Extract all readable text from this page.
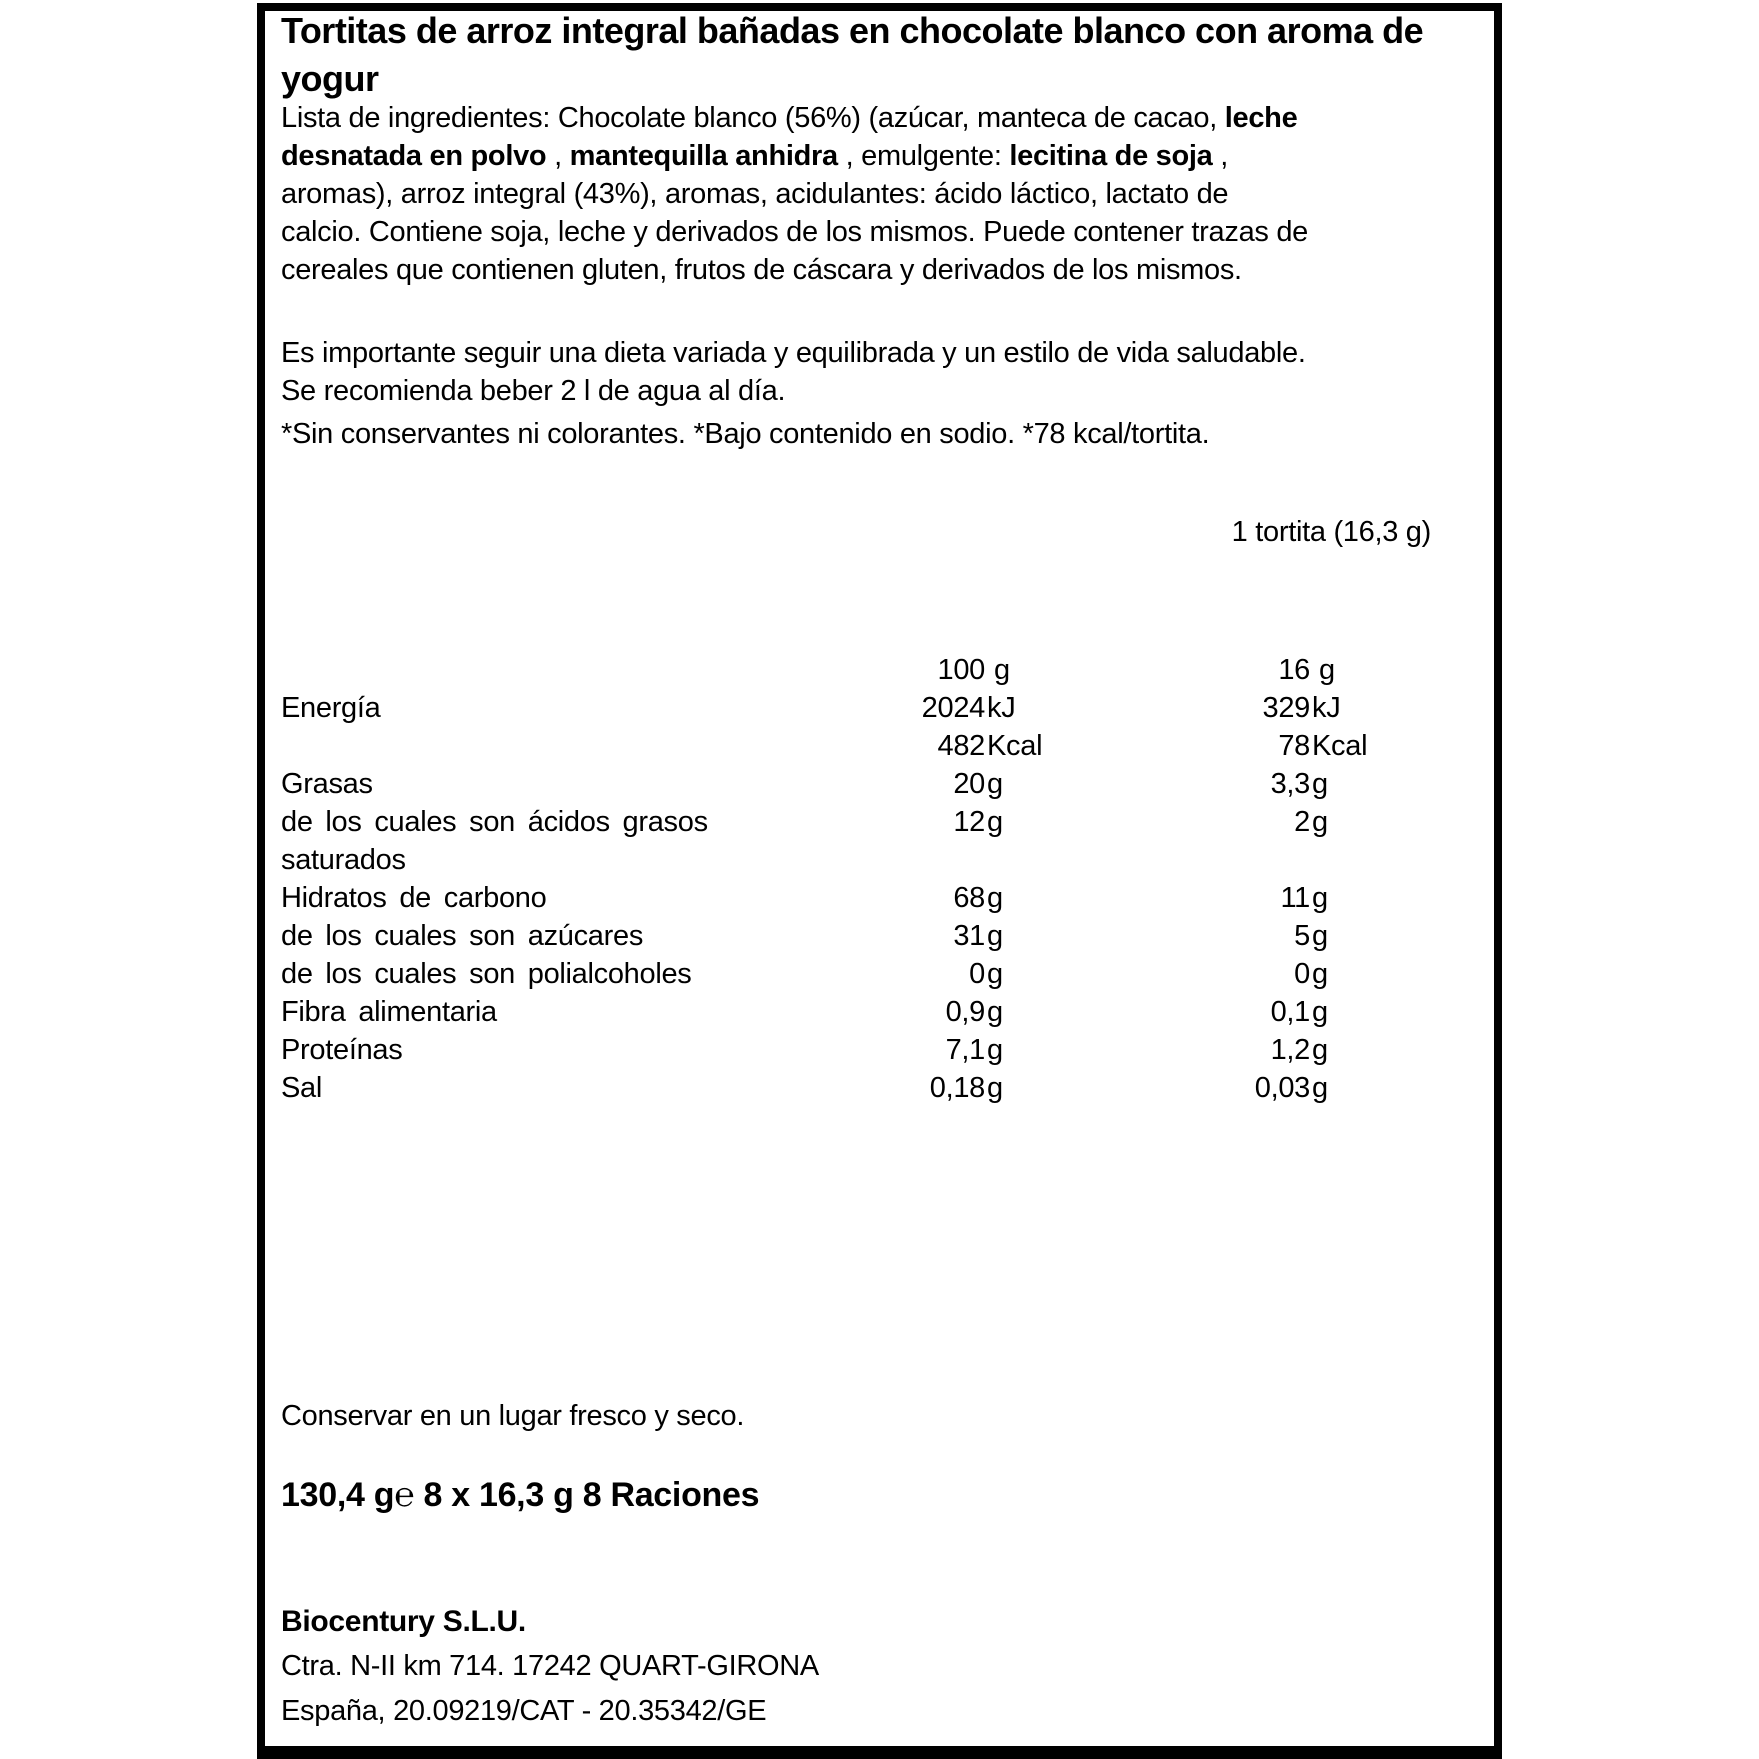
Tortitas de arroz integral bañadas en chocolate blanco con aroma de yogur
Lista de ingredientes: Chocolate blanco (56%) (azúcar, manteca de cacao, leche
desnatada en polvo , mantequilla anhidra , emulgente: lecitina de soja ,
aromas), arroz integral (43%), aromas, acidulantes: ácido láctico, lactato de
calcio. Contiene soja, leche y derivados de los mismos. Puede contener trazas de
cereales que contienen gluten, frutos de cáscara y derivados de los mismos.
Es importante seguir una dieta variada y equilibrada y un estilo de vida saludable.
Se recomienda beber 2 l de agua al día.

*Sin conservantes ni colorantes. *Bajo contenido en sodio. *78 kcal/tortita.

1 tortita (16,3 g)
100 g	16 g
Energía	2024 kJ	329 kJ
482 Kcal	78 Kcal
Grasas	20 g	3,3 g
de los cuales son ácidos grasos	12 g	2 g
saturados
Hidratos de carbono	68 g	11 g
de los cuales son azúcares	31 g	5 g
de los cuales son polialcoholes	0 g	0 g
Fibra alimentaria	0,9 g	0,1 g
Proteínas	7,1 g	1,2 g
Sal	0,18 g	0,03 g

Conservar en un lugar fresco y seco.

130,4 g℮ 8 x 16,3 g 8 Raciones

Biocentury S.L.U.
Ctra. N-II km 714. 17242 QUART-GIRONA
España, 20.09219/CAT - 20.35342/GE
